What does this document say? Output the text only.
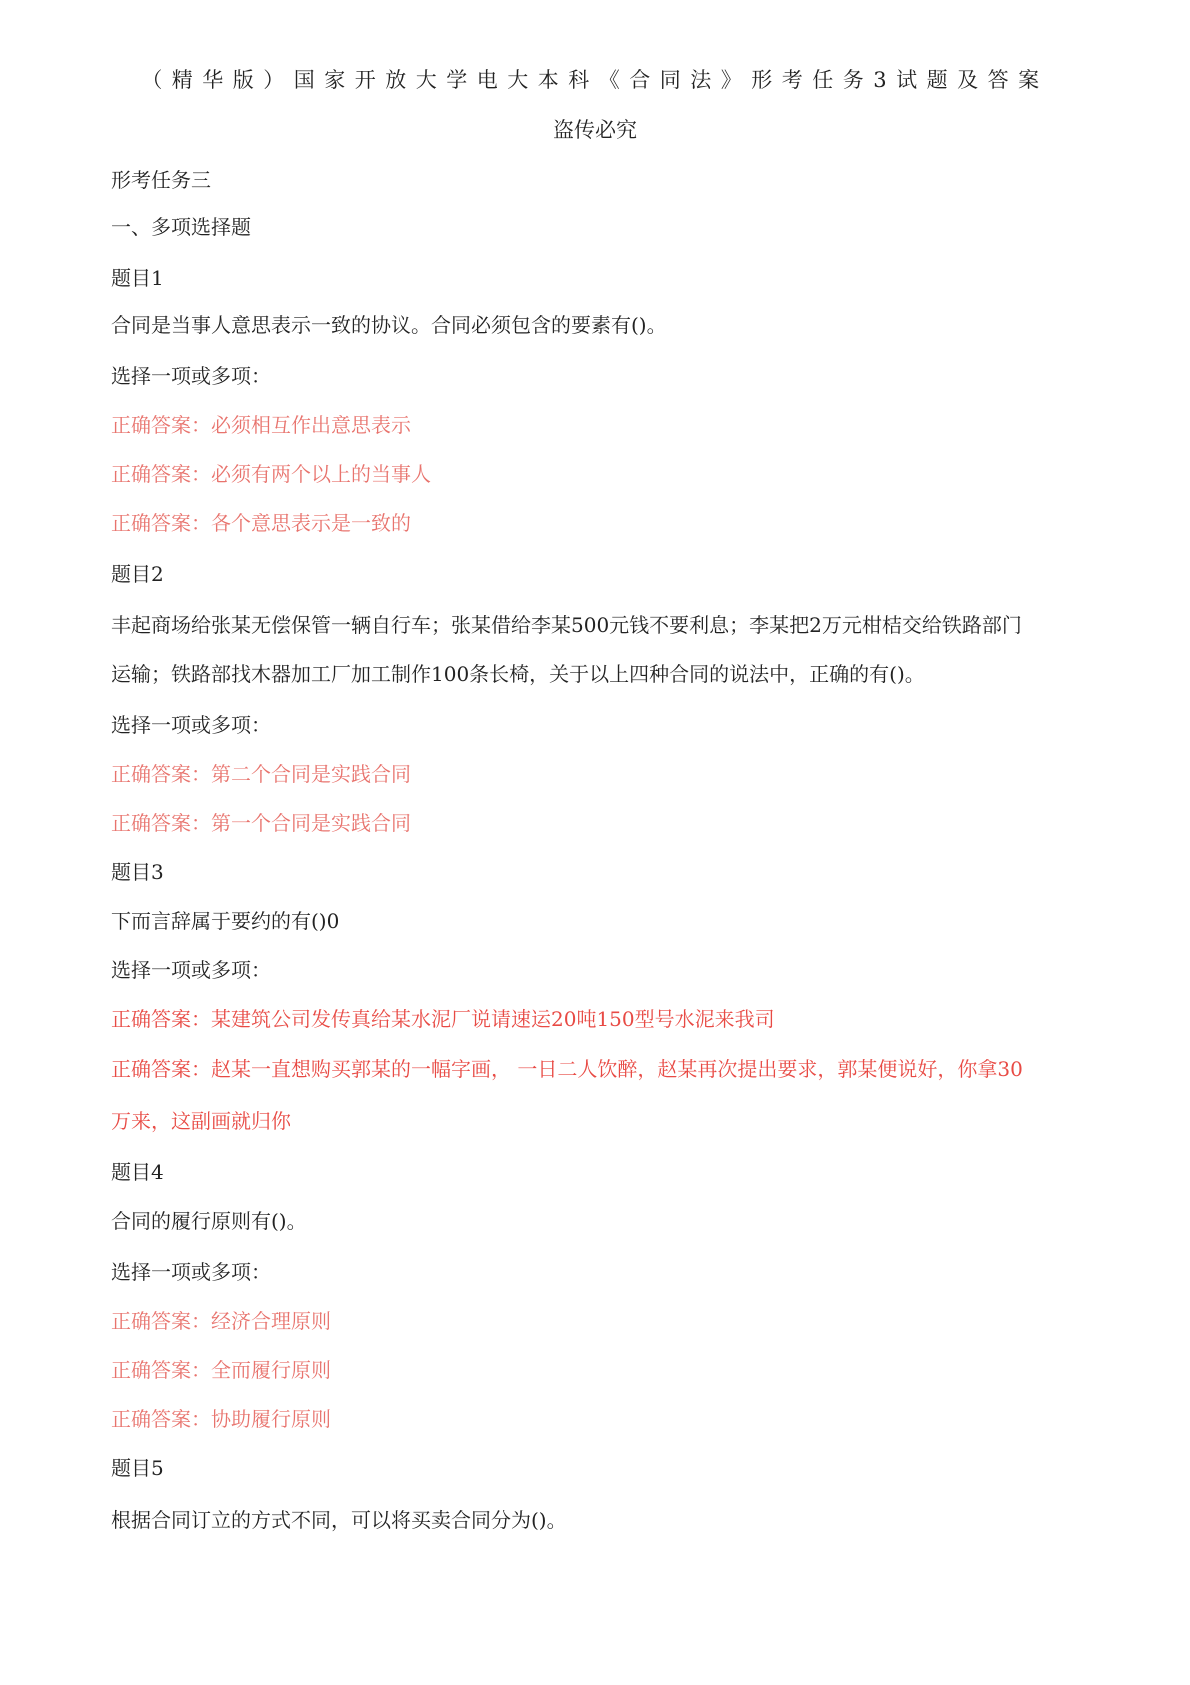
（精华版）国家开放大学电大本科《合同法》形考任务3试题及答案
盗传必究
形考任务三
一、多项选择题
题目1
合同是当事人意思表示一致的协议。合同必须包含的要素有()。
选择一项或多项：
正确答案：必须相互作出意思表示
正确答案：必须有两个以上的当事人
正确答案：各个意思表示是一致的
题目2
丰起商场给张某无偿保管一辆自行车；张某借给李某500元钱不要利息；李某把2万元柑桔交给铁路部门
运输；铁路部找木器加工厂加工制作100条长椅，关于以上四种合同的说法中，正确的有()。
选择一项或多项：
正确答案：第二个合同是实践合同
正确答案：第一个合同是实践合同
题目3
下而言辞属于要约的有()0
选择一项或多项：
正确答案：某建筑公司发传真给某水泥厂说请速运20吨150型号水泥来我司
正确答案：赵某一直想购买郭某的一幅字画， 一日二人饮醉，赵某再次提出要求，郭某便说好，你拿30
万来，这副画就归你
题目4
合同的履行原则有()。
选择一项或多项：
正确答案：经济合理原则
正确答案：全而履行原则
正确答案：协助履行原则
题目5
根据合同订立的方式不同，可以将买卖合同分为()。
